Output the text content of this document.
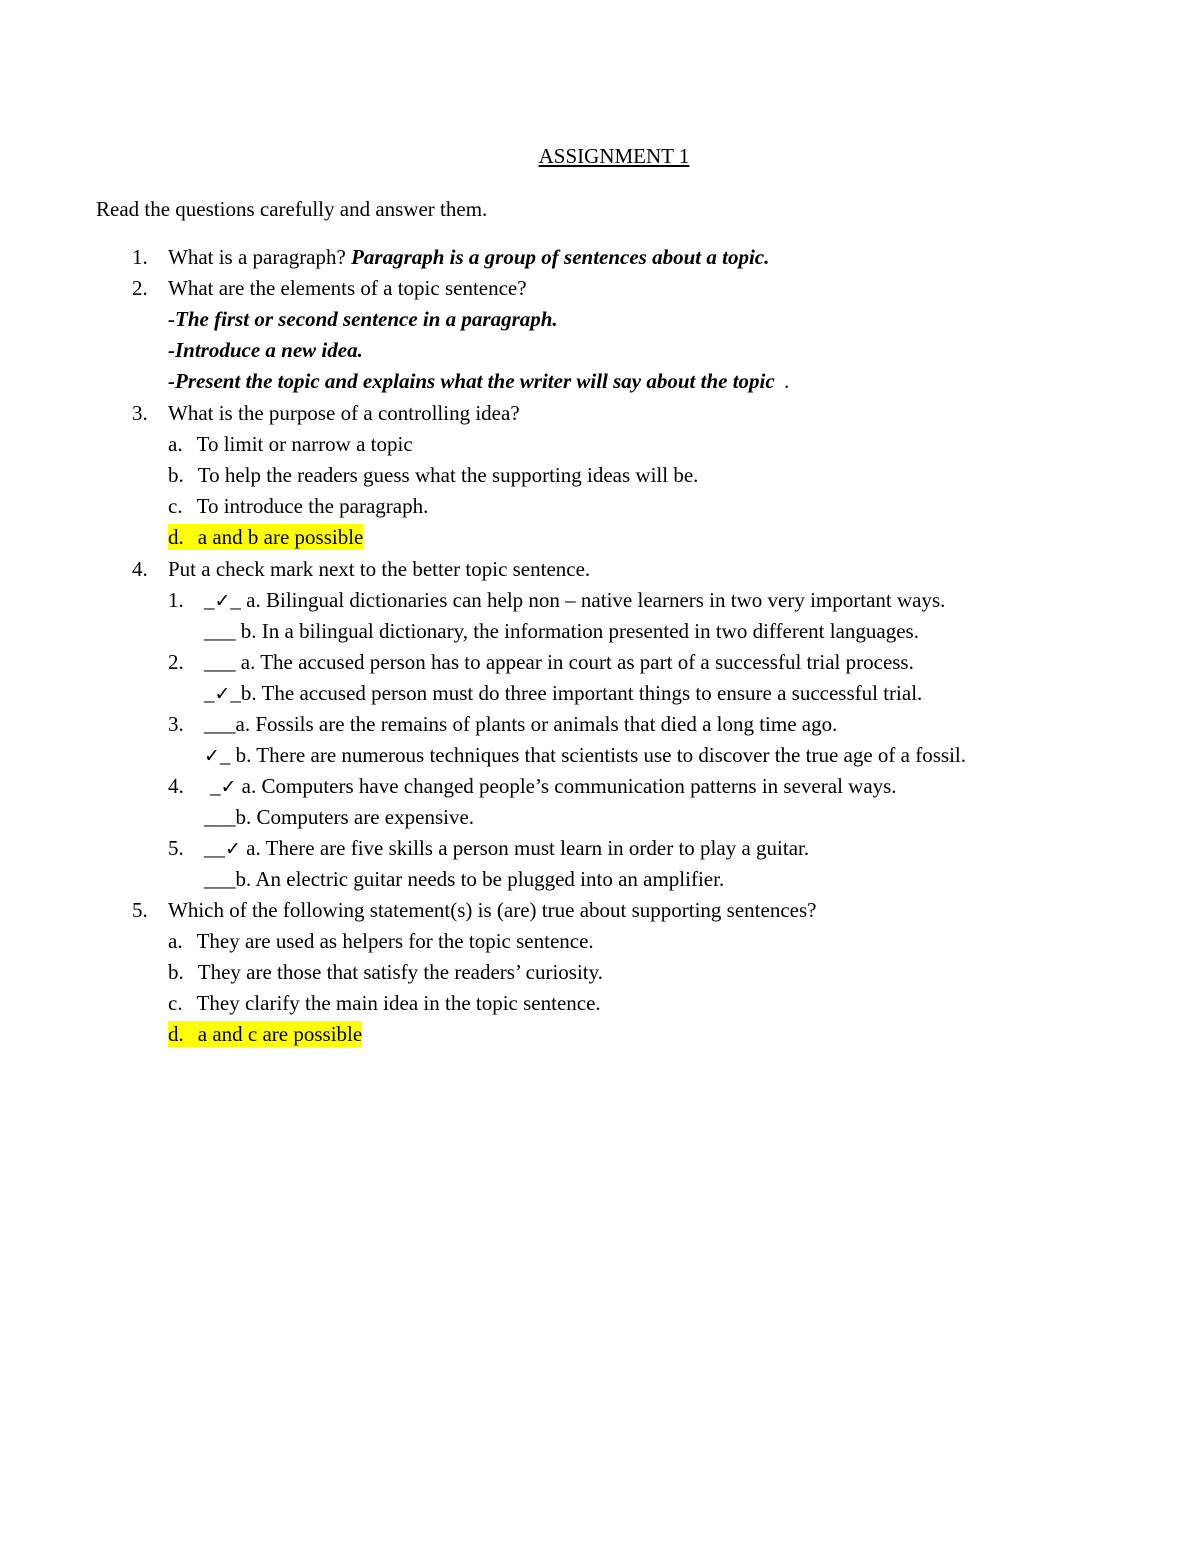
ASSIGNMENT 1
Read the questions carefully and answer them.
1. What is a paragraph? Paragraph is a group of sentences about a topic.
2. What are the elements of a topic sentence?
-The first or second sentence in a paragraph.
-Introduce a new idea.
-Present the topic and explains what the writer will say about the topic .
3. What is the purpose of a controlling idea?
a. To limit or narrow a topic
b. To help the readers guess what the supporting ideas will be.
c. To introduce the paragraph.
d. a and b are possible
4. Put a check mark next to the better topic sentence.
1. _✓_ a. Bilingual dictionaries can help non – native learners in two very important ways.
___ b. In a bilingual dictionary, the information presented in two different languages.
2. ___ a. The accused person has to appear in court as part of a successful trial process.
_✓_b. The accused person must do three important things to ensure a successful trial.
3. ___a. Fossils are the remains of plants or animals that died a long time ago.
✓_ b. There are numerous techniques that scientists use to discover the true age of a fossil.
4. _✓ a. Computers have changed people’s communication patterns in several ways.
___b. Computers are expensive.
5. __✓ a. There are five skills a person must learn in order to play a guitar.
___b. An electric guitar needs to be plugged into an amplifier.
5. Which of the following statement(s) is (are) true about supporting sentences?
a. They are used as helpers for the topic sentence.
b. They are those that satisfy the readers’ curiosity.
c. They clarify the main idea in the topic sentence.
d. a and c are possible
